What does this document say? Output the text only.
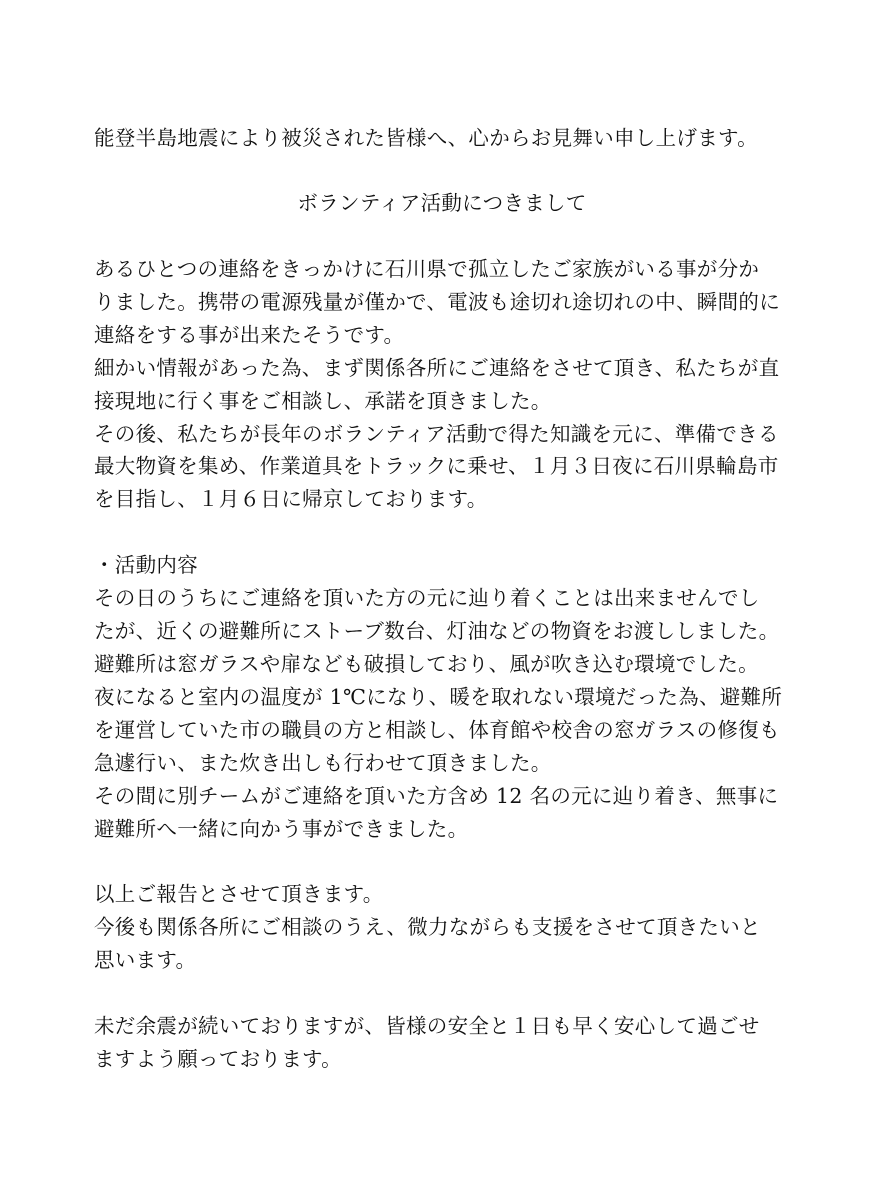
能登半島地震により被災された皆様へ、心からお見舞い申し上げます。
ボランティア活動につきまして
あるひとつの連絡をきっかけに石川県で孤立したご家族がいる事が分か
りました。携帯の電源残量が僅かで、電波も途切れ途切れの中、瞬間的に
連絡をする事が出来たそうです。
細かい情報があった為、まず関係各所にご連絡をさせて頂き、私たちが直
接現地に行く事をご相談し、承諾を頂きました。
その後、私たちが長年のボランティア活動で得た知識を元に、準備できる
最大物資を集め、作業道具をトラックに乗せ、１月３日夜に石川県輪島市
を目指し、１月６日に帰京しております。
・活動内容
その日のうちにご連絡を頂いた方の元に辿り着くことは出来ませんでし
たが、近くの避難所にストーブ数台、灯油などの物資をお渡ししました。
避難所は窓ガラスや扉なども破損しており、風が吹き込む環境でした。
夜になると室内の温度が 1℃になり、暖を取れない環境だった為、避難所
を運営していた市の職員の方と相談し、体育館や校舎の窓ガラスの修復も
急遽行い、また炊き出しも行わせて頂きました。
その間に別チームがご連絡を頂いた方含め 12 名の元に辿り着き、無事に
避難所へ一緒に向かう事ができました。
以上ご報告とさせて頂きます。
今後も関係各所にご相談のうえ、微力ながらも支援をさせて頂きたいと
思います。
未だ余震が続いておりますが、皆様の安全と１日も早く安心して過ごせ
ますよう願っております。
